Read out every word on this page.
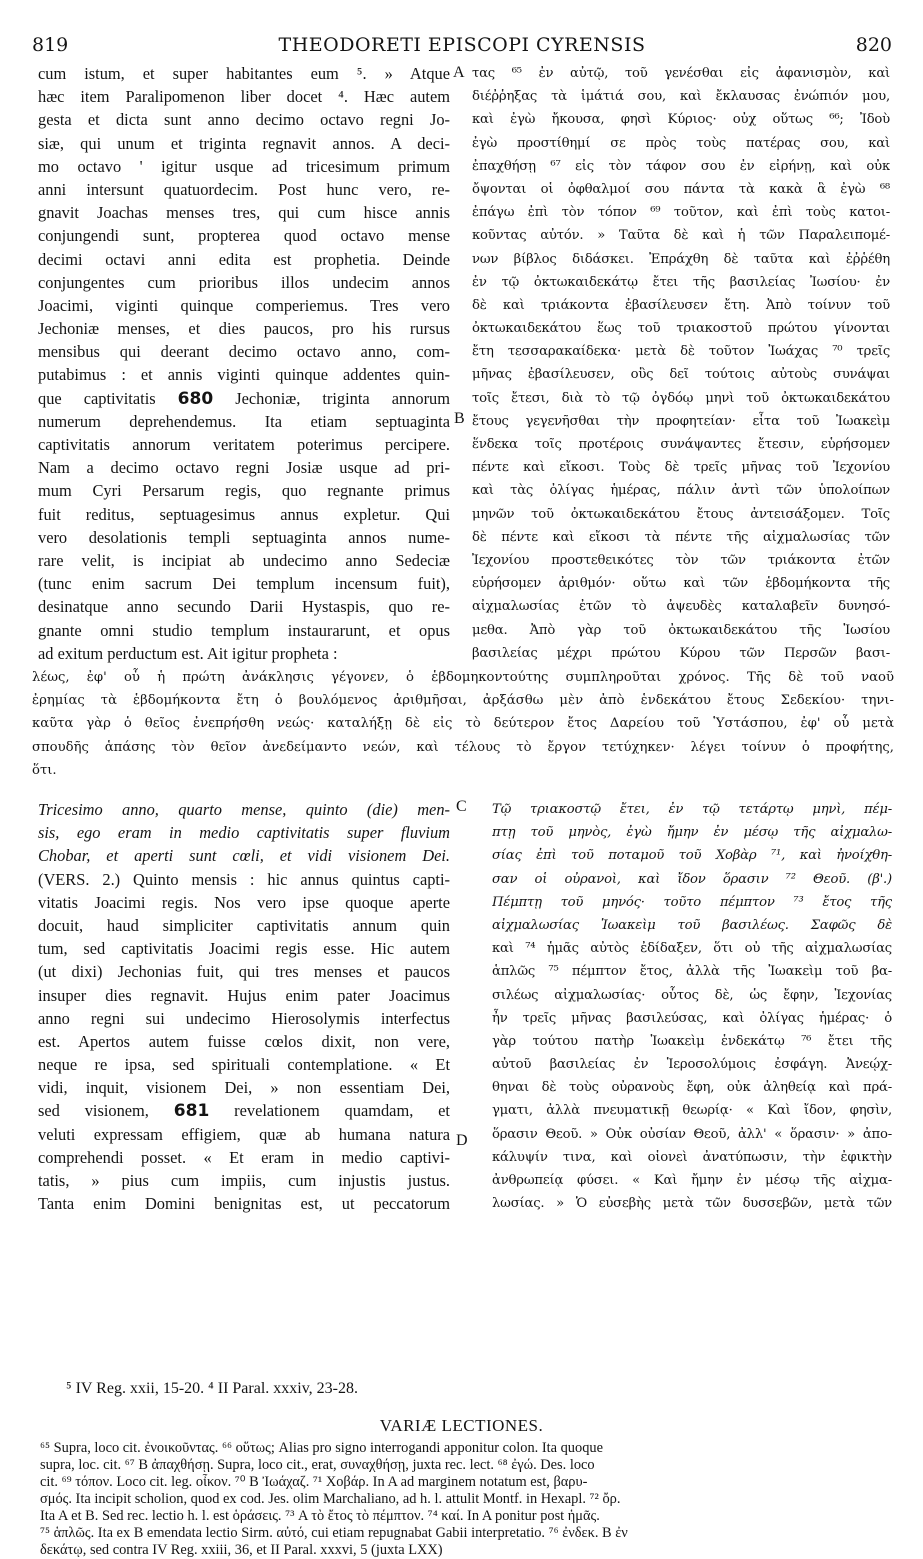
819	THEODORETI EPISCOPI CYRENSIS	820
A
B
C
D
cum istum, et super habitantes eum ⁵. » Atque
hæc item Paralipomenon liber docet ⁴. Hæc autem
gesta et dicta sunt anno decimo octavo regni Jo-
siæ, qui unum et triginta regnavit annos. A deci-
mo octavo ' igitur usque ad tricesimum primum
anni intersunt quatuordecim. Post hunc vero, re-
gnavit Joachas menses tres, qui cum hisce annis
conjungendi sunt, propterea quod octavo mense
decimi octavi anni edita est prophetia. Deinde
conjungentes cum prioribus illos undecim annos
Joacimi, viginti quinque comperiemus. Tres vero
Jechoniæ menses, et dies paucos, pro his rursus
mensibus qui deerant decimo octavo anno, com-
putabimus : et annis viginti quinque addentes quin-
que captivitatis 680 Jechoniæ, triginta annorum
numerum deprehendemus. Ita etiam septuaginta
captivitatis annorum veritatem poterimus percipere.
Nam a decimo octavo regni Josiæ usque ad pri-
mum Cyri Persarum regis, quo regnante primus
fuit reditus, septuagesimus annus expletur. Qui
vero desolationis templi septuaginta annos nume-
rare velit, is incipiat ab undecimo anno Sedeciæ
(tunc enim sacrum Dei templum incensum fuit),
desinatque anno secundo Darii Hystaspis, quo re-
gnante omni studio templum instaurarunt, et opus
ad exitum perductum est. Ait igitur propheta :
τας ⁶⁵ ἐν αὐτῷ, τοῦ γενέσθαι εἰς ἀφανισμὸν, καὶ
διέῤῥηξας τὰ ἱμάτιά σου, καὶ ἔκλαυσας ἐνώπιόν μου,
καὶ ἐγὼ ἤκουσα, φησὶ Κύριος· οὐχ οὕτως ⁶⁶; Ἰδοὺ
ἐγὼ προστίθημί σε πρὸς τοὺς πατέρας σου, καὶ
ἐπαχθήσῃ ⁶⁷ εἰς τὸν τάφον σου ἐν εἰρήνῃ, καὶ οὐκ
ὄψονται οἱ ὀφθαλμοί σου πάντα τὰ κακὰ ἃ ἐγὼ ⁶⁸
ἐπάγω ἐπὶ τὸν τόπον ⁶⁹ τοῦτον, καὶ ἐπὶ τοὺς κατοι-
κοῦντας αὐτόν. » Ταῦτα δὲ καὶ ἡ τῶν Παραλειπομέ-
νων βίβλος διδάσκει. Ἐπράχθη δὲ ταῦτα καὶ ἐῤῥέθη
ἐν τῷ ὀκτωκαιδεκάτῳ ἔτει τῆς βασιλείας Ἰωσίου· ἐν
δὲ καὶ τριάκοντα ἐβασίλευσεν ἔτη. Ἀπὸ τοίνυν τοῦ
ὀκτωκαιδεκάτου ἕως τοῦ τριακοστοῦ πρώτου γίνονται
ἔτη τεσσαρακαίδεκα· μετὰ δὲ τοῦτον Ἰωάχας ⁷⁰ τρεῖς
μῆνας ἐβασίλευσεν, οὓς δεῖ τούτοις αὐτοὺς συνάψαι
τοῖς ἔτεσι, διὰ τὸ τῷ ὀγδόῳ μηνὶ τοῦ ὀκτωκαιδεκάτου
ἔτους γεγενῆσθαι τὴν προφητείαν· εἶτα τοῦ Ἰωακεὶμ
ἕνδεκα τοῖς προτέροις συνάψαντες ἔτεσιν, εὑρήσομεν
πέντε καὶ εἴκοσι. Τοὺς δὲ τρεῖς μῆνας τοῦ Ἰεχονίου
καὶ τὰς ὀλίγας ἡμέρας, πάλιν ἀντὶ τῶν ὑπολοίπων
μηνῶν τοῦ ὀκτωκαιδεκάτου ἔτους ἀντεισάξομεν. Τοῖς
δὲ πέντε καὶ εἴκοσι τὰ πέντε τῆς αἰχμαλωσίας τῶν
Ἰεχονίου προστεθεικότες τὸν τῶν τριάκοντα ἐτῶν
εὑρήσομεν ἀριθμόν· οὕτω καὶ τῶν ἑβδομήκοντα τῆς
αἰχμαλωσίας ἐτῶν τὸ ἀψευδὲς καταλαβεῖν δυνησό-
μεθα. Ἀπὸ γὰρ τοῦ ὀκτωκαιδεκάτου τῆς Ἰωσίου
βασιλείας μέχρι πρώτου Κύρου τῶν Περσῶν βασι-
λέως, ἐφ' οὗ ἡ πρώτη ἀνάκλησις γέγονεν, ὁ ἑβδομηκοντούτης συμπληροῦται χρόνος. Τῆς δὲ τοῦ ναοῦ
ἐρημίας τὰ ἑβδομήκοντα ἔτη ὁ βουλόμενος ἀριθμῆσαι, ἀρξάσθω μὲν ἀπὸ ἑνδεκάτου ἔτους Σεδεκίου· τηνι-
καῦτα γὰρ ὁ θεῖος ἐνεπρήσθη νεώς· καταλήξῃ δὲ εἰς τὸ δεύτερον ἔτος Δαρείου τοῦ Ὑστάσπου, ἐφ' οὗ μετὰ
σπουδῆς ἁπάσης τὸν θεῖον ἀνεδείμαντο νεών, καὶ τέλους τὸ ἔργον τετύχηκεν· λέγει τοίνυν ὁ προφήτης,
ὅτι.
Tricesimo anno, quarto mense, quinto (die) men-
sis, ego eram in medio captivitatis super fluvium
Chobar, et aperti sunt cœli, et vidi visionem Dei.
(VERS. 2.) Quinto mensis : hic annus quintus capti-
vitatis Joacimi regis. Nos vero ipse quoque aperte
docuit, haud simpliciter captivitatis annum quin
tum, sed captivitatis Joacimi regis esse. Hic autem
(ut dixi) Jechonias fuit, qui tres menses et paucos
insuper dies regnavit. Hujus enim pater Joacimus
anno regni sui undecimo Hierosolymis interfectus
est. Apertos autem fuisse cœlos dixit, non vere,
neque re ipsa, sed spirituali contemplatione. « Et
vidi, inquit, visionem Dei, » non essentiam Dei,
sed visionem, 681 revelationem quamdam, et
veluti expressam effigiem, quæ ab humana natura
comprehendi posset. « Et eram in medio captivi-
tatis, » pius cum impiis, cum injustis justus.
Tanta enim Domini benignitas est, ut peccatorum
Τῷ τριακοστῷ ἔτει, ἐν τῷ τετάρτῳ μηνὶ, πέμ-
πτῃ τοῦ μηνὸς, ἐγὼ ἤμην ἐν μέσῳ τῆς αἰχμαλω-
σίας ἐπὶ τοῦ ποταμοῦ τοῦ Χοβὰρ ⁷¹, καὶ ἠνοίχθη-
σαν οἱ οὐρανοὶ, καὶ ἴδον ὅρασιν ⁷² Θεοῦ. (β'.)
Πέμπτῃ τοῦ μηνός· τοῦτο πέμπτον ⁷³ ἔτος τῆς
αἰχμαλωσίας Ἰωακεὶμ τοῦ βασιλέως. Σαφῶς δὲ
καὶ ⁷⁴ ἡμᾶς αὐτὸς ἐδίδαξεν, ὅτι οὐ τῆς αἰχμαλωσίας
ἁπλῶς ⁷⁵ πέμπτον ἔτος, ἀλλὰ τῆς Ἰωακεὶμ τοῦ βα-
σιλέως αἰχμαλωσίας· οὗτος δὲ, ὡς ἔφην, Ἰεχονίας
ἦν τρεῖς μῆνας βασιλεύσας, καὶ ὀλίγας ἡμέρας· ὁ
γὰρ τούτου πατὴρ Ἰωακεὶμ ἑνδεκάτῳ ⁷⁶ ἔτει τῆς
αὐτοῦ βασιλείας ἐν Ἱεροσολύμοις ἐσφάγη. Ἀνεῴχ-
θηναι δὲ τοὺς οὐρανοὺς ἔφη, οὐκ ἀληθείᾳ καὶ πρά-
γματι, ἀλλὰ πνευματικῇ θεωρίᾳ· « Καὶ ἴδον, φησὶν,
ὅρασιν Θεοῦ. » Οὐκ οὐσίαν Θεοῦ, ἀλλ' « ὅρασιν· » ἀπο-
κάλυψίν τινα, καὶ οἱονεὶ ἀνατύπωσιν, τὴν ἐφικτὴν
ἀνθρωπείᾳ φύσει. « Καὶ ἤμην ἐν μέσῳ τῆς αἰχμα-
λωσίας. » Ὁ εὐσεβὴς μετὰ τῶν δυσσεβῶν, μετὰ τῶν
⁵ IV Reg. xxii, 15-20. ⁴ II Paral. xxxiv, 23-28.
VARIÆ LECTIONES.
⁶⁵ Supra, loco cit. ἐνοικοῦντας. ⁶⁶ οὕτως; Alias pro signo interrogandi apponitur colon. Ita quoque
supra, loc. cit. ⁶⁷ B ἀπαχθήσῃ. Supra, loco cit., erat, συναχθήσῃ, juxta rec. lect. ⁶⁸ ἐγώ. Des. loco
cit. ⁶⁹ τόπον. Loco cit. leg. οἶκον. ⁷⁰ B Ἰωάχαζ. ⁷¹ Χοβάρ. In A ad marginem notatum est, βαρυ-
σμός. Ita incipit scholion, quod ex cod. Jes. olim Marchaliano, ad h. l. attulit Montf. in Hexapl. ⁷² ὄρ.
Ita A et B. Sed rec. lectio h. l. est ὁράσεις. ⁷³ A τὸ ἔτος τὸ πέμπτον. ⁷⁴ καί. In A ponitur post ἡμᾶς.
⁷⁵ ἁπλῶς. Ita ex B emendata lectio Sirm. αὐτό, cui etiam repugnabat Gabii interpretatio. ⁷⁶ ἐνδεκ. B ἐν
δεκάτῳ, sed contra IV Reg. xxiii, 36, et II Paral. xxxvi, 5 (juxta LXX)
